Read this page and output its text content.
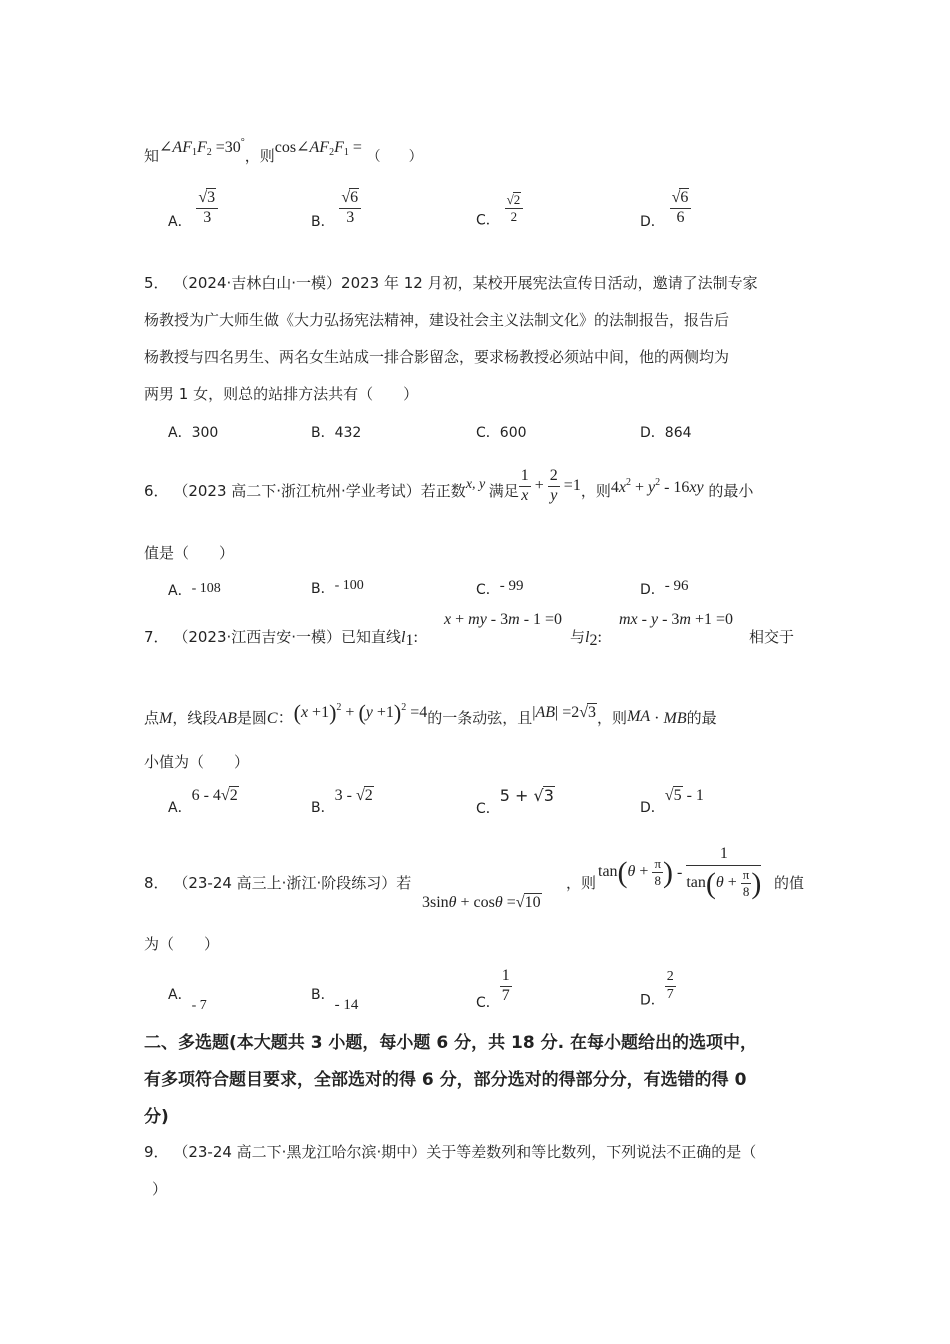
知$\angle AF_1F_2 =30^\circ$，则$\cos\angle AF_2F_1$ = （　　）
A． $\frac{√3}{3}$	B． $\frac{√6}{3}$	C． $\frac{√2}{2}$	D． $\frac{√6}{6}$
5． （2024·吉林白山·一模）2023 年 12 月初，某校开展宪法宣传日活动，邀请了法制专家
杨教授为广大师生做《大力弘扬宪法精神，建设社会主义法制文化》的法制报告，报告后
杨教授与四名男生、两名女生站成一排合影留念，要求杨教授必须站中间，他的两侧均为
两男 1 女，则总的站排方法共有（　　）
A．300	B．432	C．600	D．864
6． （2023 高二下·浙江杭州·学业考试）若正数x, y 满足 $\frac{1}{x} + \frac{2}{y} =1$，则$4x^2 + y^2 - 16xy$ 的最小
值是（　　）
A．- 108	B．- 100	C．- 99	D．- 96
7． （2023·江西吉安·一模）已知直线l1:
x + my - 3m - 1 =0
与l2:
mx - y - 3m +1 =0
相交于
点M，线段AB是圆C：$(x +1)^2 + (y +1)^2 =4$的一条动弦，且|AB| =2√3，则MA · MB的最
小值为（　　）
A．6 - 4√2
B．3 - √2
C．5 + √3
D．√5 - 1
8． （23-24 高三上·浙江·阶段练习）若
3sinθ + cosθ =√10
，则
$\tan(\theta + \frac{\pi}{8}$ ) - $\frac{1}{\tan(\theta + \frac{\pi}{8} )}$ 的值
为（　　）
A．- 7
B．- 14	C． $\frac{1}{7}$	D． $\frac{2}{7}$
二、多选题(本大题共 3 小题，每小题 6 分，共 18 分. 在每小题给出的选项中，
有多项符合题目要求，全部选对的得 6 分，部分选对的得部分分，有选错的得 0
分)
9． （23-24 高二下·黑龙江哈尔滨·期中）关于等差数列和等比数列，下列说法不正确的是（
）
